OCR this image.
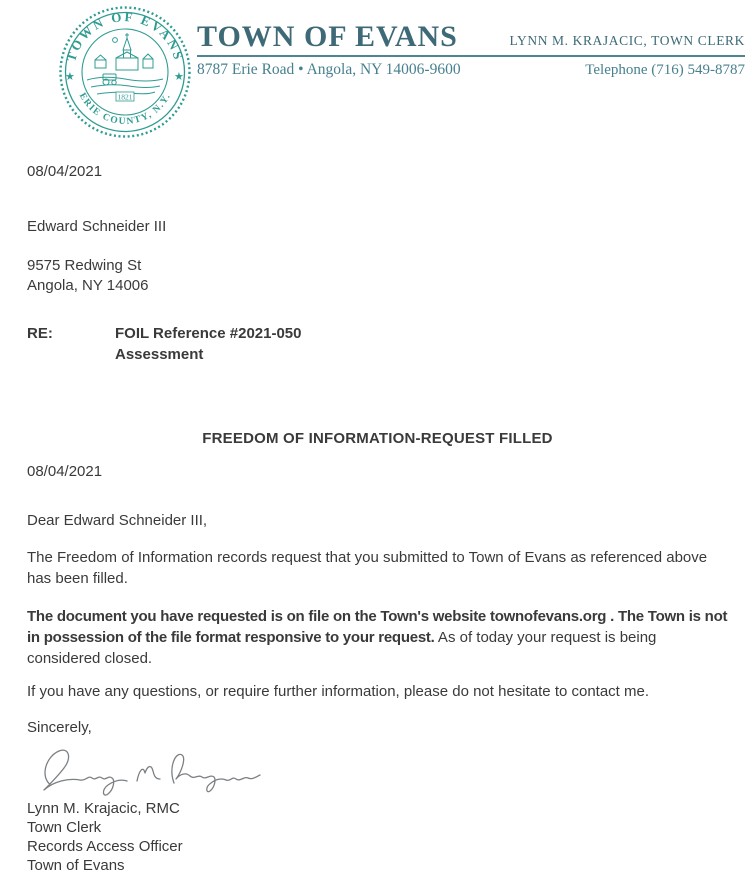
TOWN OF EVANS
ERIE COUNTY, N.Y.
★	★
1821
TOWN OF EVANS	LYNN M. KRAJACIC, TOWN CLERK
8787 Erie Road • Angola, NY 14006-9600	Telephone (716) 549-8787
08/04/2021
Edward Schneider III
9575 Redwing St
Angola, NY 14006
RE:	FOIL Reference #2021-050
Assessment
FREEDOM OF INFORMATION-REQUEST FILLED
08/04/2021
Dear Edward Schneider III,

The Freedom of Information records request that you submitted to Town of Evans as referenced above has been filled.

The document you have requested is on file on the Town's website townofevans.org . The Town is not in possession of the file format responsive to your request. As of today your request is being considered closed.

If you have any questions, or require further information, please do not hesitate to contact me.

Sincerely,
Lynn M. Krajacic, RMC
Town Clerk
Records Access Officer
Town of Evans
